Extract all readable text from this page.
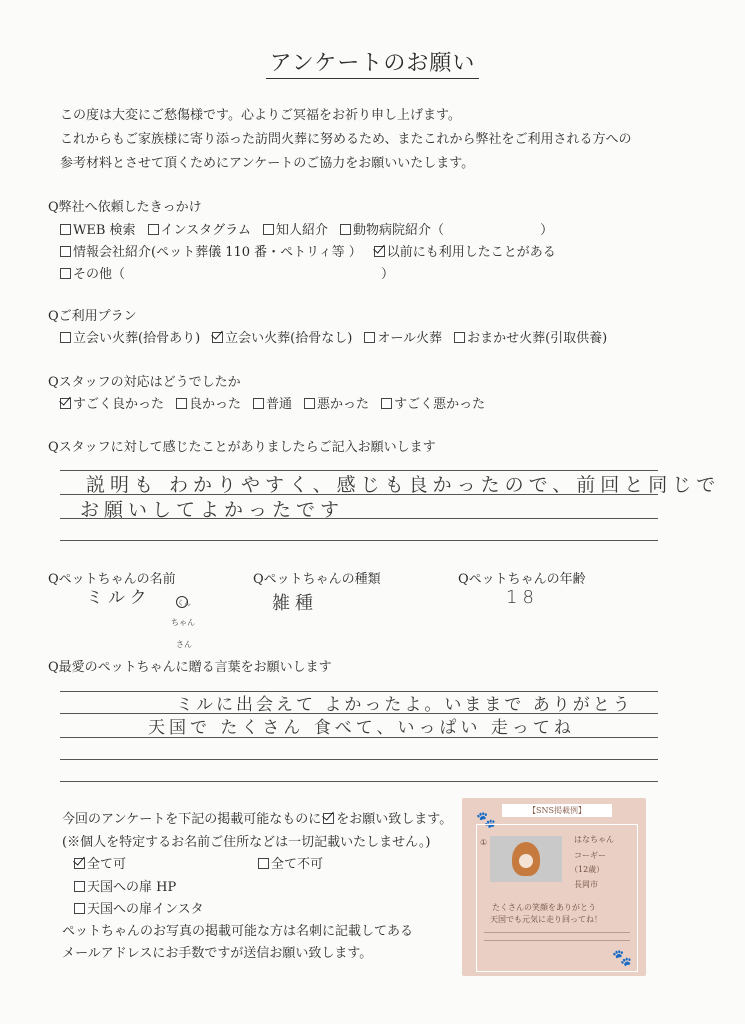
アンケートのお願い
この度は大変にご愁傷様です。心よりご冥福をお祈り申し上げます。
これからもご家族様に寄り添った訪問火葬に努めるため、またこれから弊社をご利用される方への
参考材料とさせて頂くためにアンケートのご協力をお願いいたします。
Q弊社へ依頼したきっかけ
WEB 検索 インスタグラム 知人紹介 動物病院紹介（	）
情報会社紹介(ペット葬儀 110 番・ペトリィ等 ） 以前にも利用したことがある
その他（	）
Qご利用プラン
立会い火葬(拾骨あり) 立会い火葬(拾骨なし) オール火葬 おまかせ火葬(引取供養)
Qスタッフの対応はどうでしたか
すごく良かった 良かった 普通 悪かった すごく悪かった
Qスタッフに対して感じたことがありましたらご記入お願いします
説明も わかりやすく、感じも良かったので、前回と同じで
お願いしてよかったです
Qペットちゃんの名前
ミルク	くん
ちゃん
さん
Qペットちゃんの種類
雑種
Qペットちゃんの年齢
18
Q最愛のペットちゃんに贈る言葉をお願いします
ミルに出会えて よかったよ。いままで ありがとう
天国で たくさん 食べて、いっぱい 走ってね
今回のアンケートを下記の掲載可能なものに をお願い致します。
(※個人を特定するお名前ご住所などは一切記載いたしません。)
全て可	全て不可
天国への扉 HP
天国への扉インスタ
ペットちゃんのお写真の掲載可能な方は名刺に記載してある
メールアドレスにお手数ですが送信お願い致します。
【SNS掲載例】
🐾
🐾
①	はなちゃん
コーギー
（12歳）
長岡市
たくさんの笑顔をありがとう
天国でも元気に走り回ってね！
